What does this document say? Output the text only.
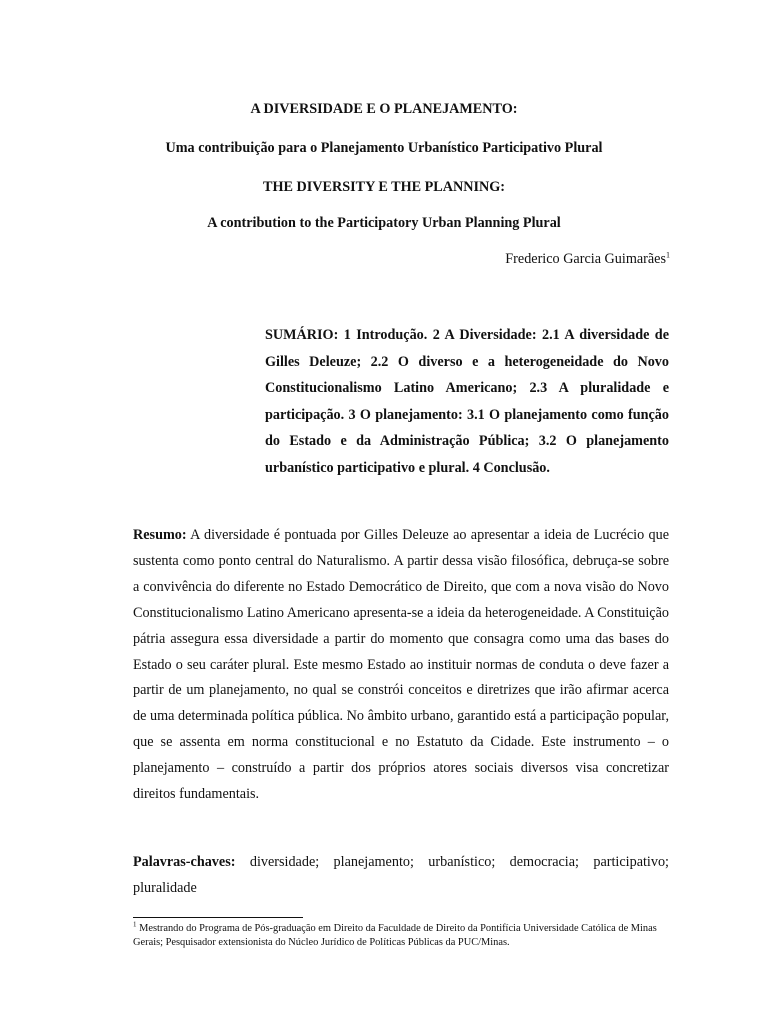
A DIVERSIDADE E O PLANEJAMENTO:

Uma contribuição para o Planejamento Urbanístico Participativo Plural

THE DIVERSITY E THE PLANNING:

A contribution to the Participatory Urban Planning Plural

Frederico Garcia Guimarães$^1$

SUMÁRIO: 1 Introdução. 2 A Diversidade: 2.1 A diversidade de Gilles Deleuze; 2.2 O diverso e a heterogeneidade do Novo Constitucionalismo Latino Americano; 2.3 A pluralidade e participação. 3 O planejamento: 3.1 O planejamento como função do Estado e da Administração Pública; 3.2 O planejamento urbanístico participativo e plural. 4 Conclusão.

Resumo: A diversidade é pontuada por Gilles Deleuze ao apresentar a ideia de Lucrécio que sustenta como ponto central do Naturalismo. A partir dessa visão filosófica, debruça-se sobre a convivência do diferente no Estado Democrático de Direito, que com a nova visão do Novo Constitucionalismo Latino Americano apresenta-se a ideia da heterogeneidade. A Constituição pátria assegura essa diversidade a partir do momento que consagra como uma das bases do Estado o seu caráter plural. Este mesmo Estado ao instituir normas de conduta o deve fazer a partir de um planejamento, no qual se constrói conceitos e diretrizes que irão afirmar acerca de uma determinada política pública. No âmbito urbano, garantido está a participação popular, que se assenta em norma constitucional e no Estatuto da Cidade. Este instrumento – o planejamento – construído a partir dos próprios atores sociais diversos visa concretizar direitos fundamentais.

Palavras-chaves: diversidade; planejamento; urbanístico; democracia; participativo; pluralidade

$^1$ Mestrando do Programa de Pós-graduação em Direito da Faculdade de Direito da Pontifícia Universidade Católica de Minas Gerais; Pesquisador extensionista do Núcleo Jurídico de Políticas Públicas da PUC/Minas.
